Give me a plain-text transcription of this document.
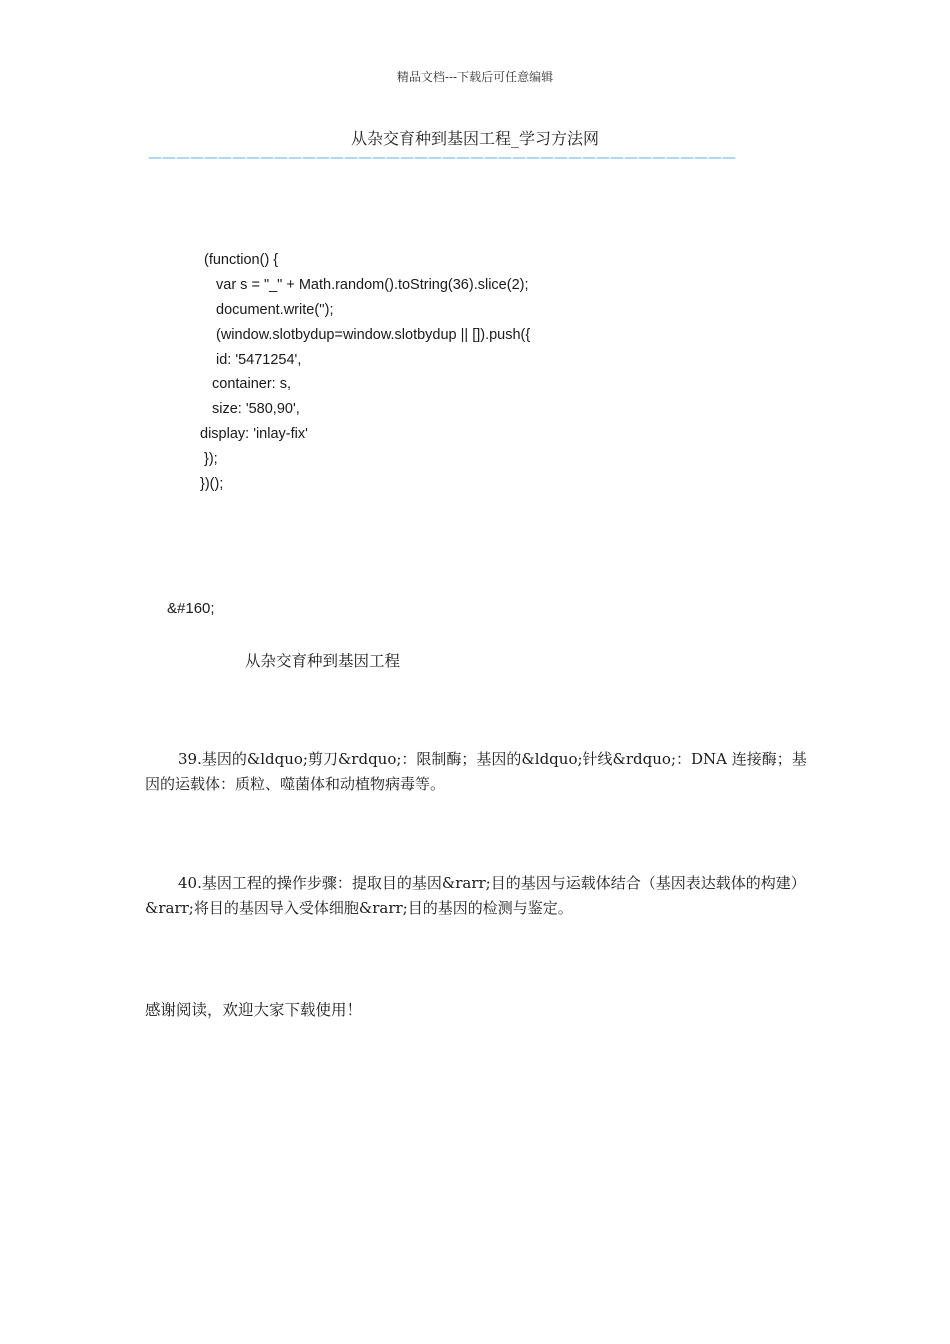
精品文档---下载后可任意编辑
从杂交育种到基因工程_学习方法网
——————————————————————————————————————————
(function() {
var s = "_" + Math.random().toString(36).slice(2);
document.write('');
(window.slotbydup=window.slotbydup || []).push({
id: '5471254',
container: s,
size: '580,90',
display: 'inlay-fix'
});
})();
&#160;
从杂交育种到基因工程
39.基因的&ldquo;剪刀&rdquo;：限制酶；基因的&ldquo;针线&rdquo;：DNA 连接酶；基因的运载体：质粒、噬菌体和动植物病毒等。
40.基因工程的操作步骤：提取目的基因&rarr;目的基因与运载体结合（基因表达载体的构建）&rarr;将目的基因导入受体细胞&rarr;目的基因的检测与鉴定。
感谢阅读，欢迎大家下载使用！
